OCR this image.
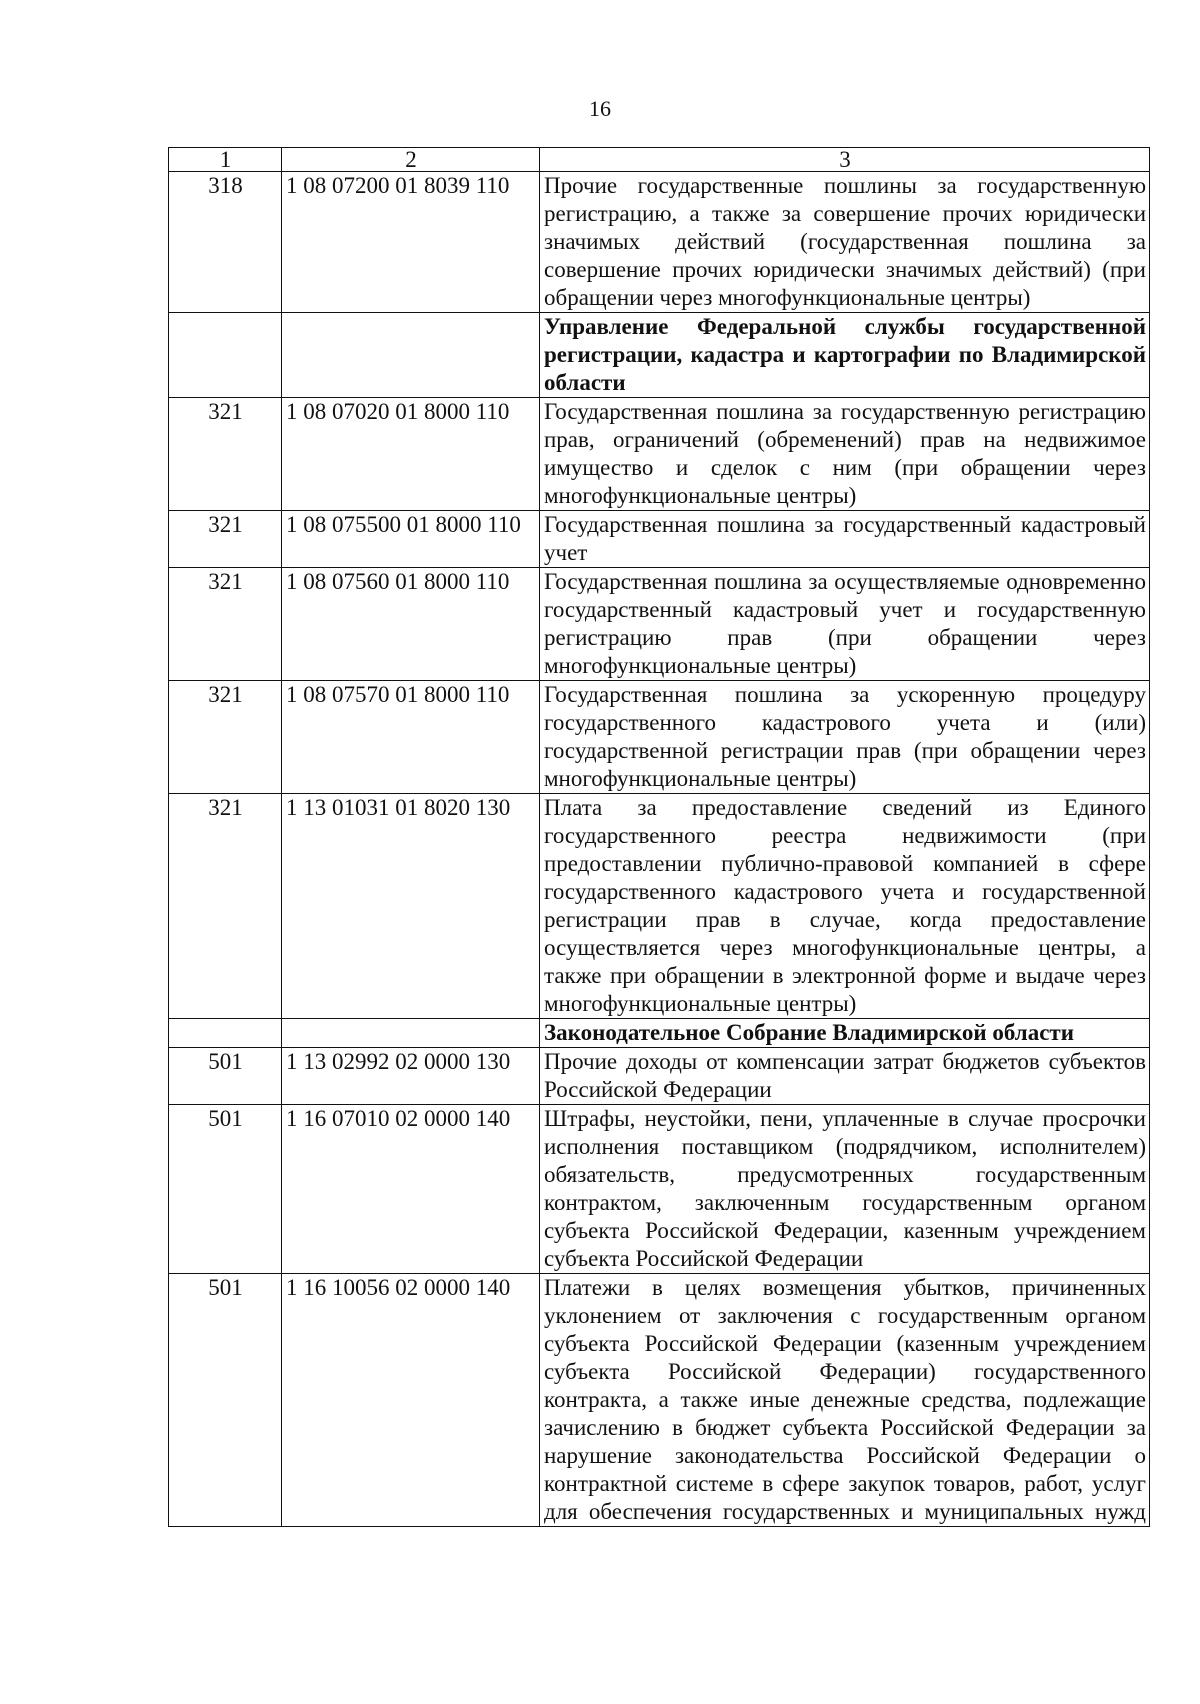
16
1	2	3
318	1 08 07200 01 8039 110	Прочие государственные пошлины за государственную регистрацию, а также за совершение прочих юридически значимых действий (государственная пошлина за совершение прочих юридически значимых действий) (при обращении через многофункциональные центры)
		Управление Федеральной службы государственной регистрации, кадастра и картографии по Владимирской области
321	1 08 07020 01 8000 110	Государственная пошлина за государственную регистрацию прав, ограничений (обременений) прав на недвижимое имущество и сделок с ним (при обращении через многофункциональные центры)
321	1 08 075500 01 8000 110	Государственная пошлина за государственный кадастровый учет
321	1 08 07560 01 8000 110	Государственная пошлина за осуществляемые одновременно государственный кадастровый учет и государственную регистрацию прав (при обращении через многофункциональные центры)
321	1 08 07570 01 8000 110	Государственная пошлина за ускоренную процедуру государственного кадастрового учета и (или) государственной регистрации прав (при обращении через многофункциональные центры)
321	1 13 01031 01 8020 130	Плата за предоставление сведений из Единого государственного реестра недвижимости (при предоставлении публично-правовой компанией в сфере государственного кадастрового учета и государственной регистрации прав в случае, когда предоставление осуществляется через многофункциональные центры, а также при обращении в электронной форме и выдаче через многофункциональные центры)
		Законодательное Собрание Владимирской области
501	1 13 02992 02 0000 130	Прочие доходы от компенсации затрат бюджетов субъектов Российской Федерации
501	1 16 07010 02 0000 140	Штрафы, неустойки, пени, уплаченные в случае просрочки исполнения поставщиком (подрядчиком, исполнителем) обязательств, предусмотренных государственным контрактом, заключенным государственным органом субъекта Российской Федерации, казенным учреждением субъекта Российской Федерации
501	1 16 10056 02 0000 140	Платежи в целях возмещения убытков, причиненных уклонением от заключения с государственным органом субъекта Российской Федерации (казенным учреждением субъекта Российской Федерации) государственного контракта, а также иные денежные средства, подлежащие зачислению в бюджет субъекта Российской Федерации за нарушение законодательства Российской Федерации о контрактной системе в сфере закупок товаров, работ, услуг для обеспечения государственных и муниципальных нужд
